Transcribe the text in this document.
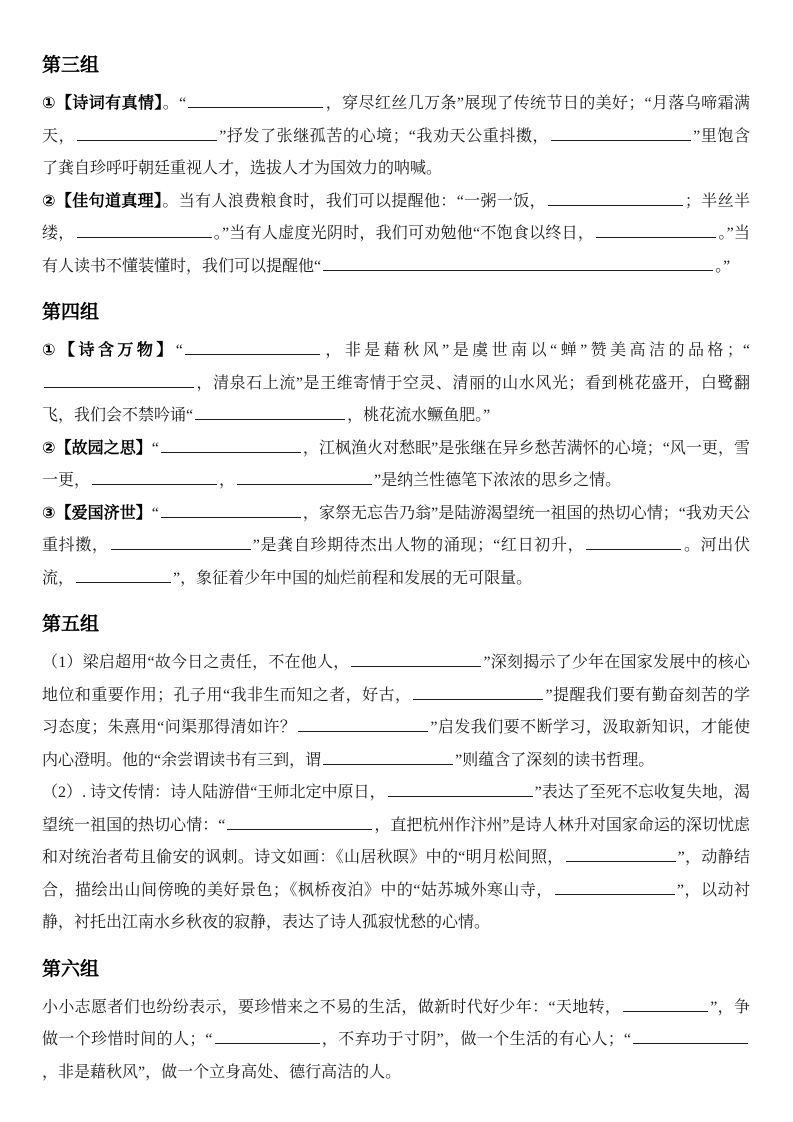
第三组
①【诗词有真情】。“	，穿尽红丝几万条”展现了传统节日的美好；“月落乌啼霜满天，	”抒发了张继孤苦的心境；“我劝天公重抖擞，	”里饱含了龚自珍呼吁朝廷重视人才，选拔人才为国效力的呐喊。
②【佳句道真理】。当有人浪费粮食时，我们可以提醒他：“一粥一饭，	；半丝半缕，	。”当有人虚度光阴时，我们可劝勉他“不饱食以终日，	。”当有人读书不懂装懂时，我们可以提醒他“	。”
第四组
①【诗含万物】“	，非是藉秋风”是虞世南以“蝉”赞美高洁的品格；“，清泉石上流”是王维寄情于空灵、清丽的山水风光；看到桃花盛开，白鹭翻飞，我们会不禁吟诵“	，桃花流水鳜鱼肥。”
②【故园之思】“	，江枫渔火对愁眠”是张继在异乡愁苦满怀的心境；“风一更，雪一更，	，	”是纳兰性德笔下浓浓的思乡之情。
③【爱国济世】“	，家祭无忘告乃翁”是陆游渴望统一祖国的热切心情；“我劝天公重抖擞，	”是龚自珍期待杰出人物的涌现；“红日初升，	。河出伏流，	”，象征着少年中国的灿烂前程和发展的无可限量。
第五组
（1）梁启超用“故今日之责任，不在他人，	”深刻揭示了少年在国家发展中的核心地位和重要作用；孔子用“我非生而知之者，好古，	”提醒我们要有勤奋刻苦的学习态度；朱熹用“问渠那得清如许？	”启发我们要不断学习，汲取新知识，才能使内心澄明。他的“余尝谓读书有三到，谓	”则蕴含了深刻的读书哲理。
（2）. 诗文传情：诗人陆游借“王师北定中原日，	”表达了至死不忘收复失地，渴望统一祖国的热切心情：“	，直把杭州作汴州”是诗人林升对国家命运的深切忧虑和对统治者苟且偷安的讽刺。诗文如画：《山居秋暝》中的“明月松间照，	”，动静结合，描绘出山间傍晚的美好景色；《枫桥夜泊》中的“姑苏城外寒山寺，	”，以动衬静，衬托出江南水乡秋夜的寂静，表达了诗人孤寂忧愁的心情。
第六组
小小志愿者们也纷纷表示，要珍惜来之不易的生活，做新时代好少年：“天地转，	”，争做一个珍惜时间的人；“	，不弃功于寸阴”，做一个生活的有心人；“，非是藉秋风”，做一个立身高处、德行高洁的人。
